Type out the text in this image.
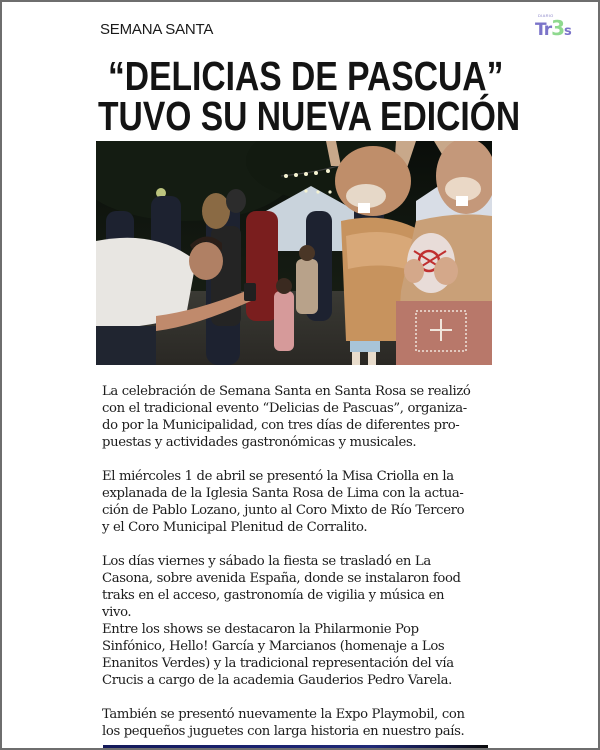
SEMANA SANTA
DIARIO
Tr3s
“DELICIAS DE PASCUA”
TUVO SU NUEVA EDICIÓN
La celebración de Semana Santa en Santa Rosa se realizó
con el tradicional evento “Delicias de Pascuas”, organiza-
do por la Municipalidad, con tres días de diferentes pro-
puestas y actividades gastronómicas y musicales.
El miércoles 1 de abril se presentó la Misa Criolla en la
explanada de la Iglesia Santa Rosa de Lima con la actua-
ción de Pablo Lozano, junto al Coro Mixto de Río Tercero
y el Coro Municipal Plenitud de Corralito.
Los días viernes y sábado la fiesta se trasladó en La
Casona, sobre avenida España, donde se instalaron food
traks en el acceso, gastronomía de vigilia y música en
vivo.
Entre los shows se destacaron la Philarmonie Pop
Sinfónico, Hello! García y Marcianos (homenaje a Los
Enanitos Verdes) y la tradicional representación del vía
Crucis a cargo de la academia Gauderios Pedro Varela.
También se presentó nuevamente la Expo Playmobil, con
los pequeños juguetes con larga historia en nuestro país.
